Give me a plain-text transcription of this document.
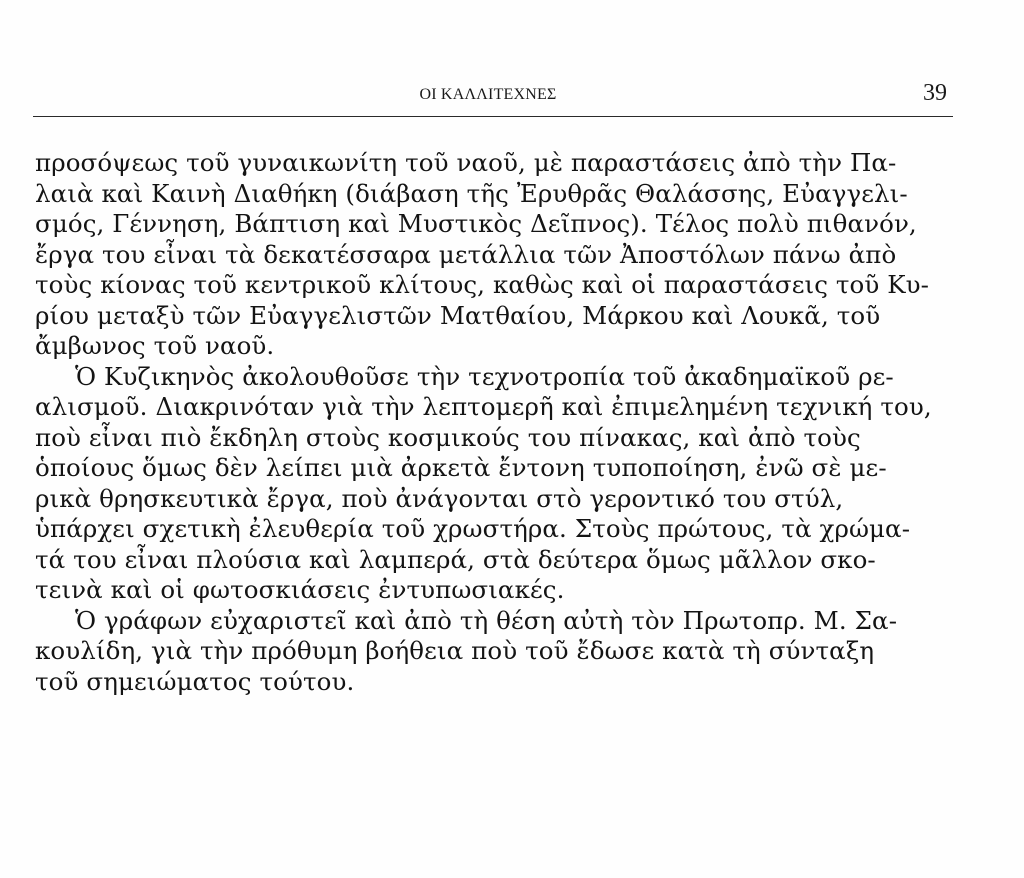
ΟΙ ΚΑΛΛΙΤΕΧΝΕΣ	39
προσόψεως τοῦ γυναικωνίτη τοῦ ναοῦ, μὲ παραστάσεις ἀπὸ τὴν Πα-
λαιὰ καὶ Καινὴ Διαθήκη (διάβαση τῆς Ἐρυθρᾶς Θαλάσσης, Εὐαγγελι-
σμός, Γέννηση, Βάπτιση καὶ Μυστικὸς Δεῖπνος). Τέλος πολὺ πιθανόν,
ἔργα του εἶναι τὰ δεκατέσσαρα μετάλλια τῶν Ἀποστόλων πάνω ἀπὸ
τοὺς κίονας τοῦ κεντρικοῦ κλίτους, καθὼς καὶ οἱ παραστάσεις τοῦ Κυ-
ρίου μεταξὺ τῶν Εὐαγγελιστῶν Ματθαίου, Μάρκου καὶ Λουκᾶ, τοῦ
ἄμβωνος τοῦ ναοῦ.
Ὁ Κυζικηνὸς ἀκολουθοῦσε τὴν τεχνοτροπία τοῦ ἀκαδημαϊκοῦ ρε-
αλισμοῦ. Διακρινόταν γιὰ τὴν λεπτομερῆ καὶ ἐπιμελημένη τεχνική του,
ποὺ εἶναι πιὸ ἔκδηλη στοὺς κοσμικούς του πίνακας, καὶ ἀπὸ τοὺς
ὁποίους ὅμως δὲν λείπει μιὰ ἀρκετὰ ἔντονη τυποποίηση, ἐνῶ σὲ με-
ρικὰ θρησκευτικὰ ἔργα, ποὺ ἀνάγονται στὸ γεροντικό του στύλ,
ὑπάρχει σχετικὴ ἐλευθερία τοῦ χρωστήρα. Στοὺς πρώτους, τὰ χρώμα-
τά του εἶναι πλούσια καὶ λαμπερά, στὰ δεύτερα ὅμως μᾶλλον σκο-
τεινὰ καὶ οἱ φωτοσκιάσεις ἐντυπωσιακές.
Ὁ γράφων εὐχαριστεῖ καὶ ἀπὸ τὴ θέση αὐτὴ τὸν Πρωτοπρ. Μ. Σα-
κουλίδη, γιὰ τὴν πρόθυμη βοήθεια ποὺ τοῦ ἔδωσε κατὰ τὴ σύνταξη
τοῦ σημειώματος τούτου.
